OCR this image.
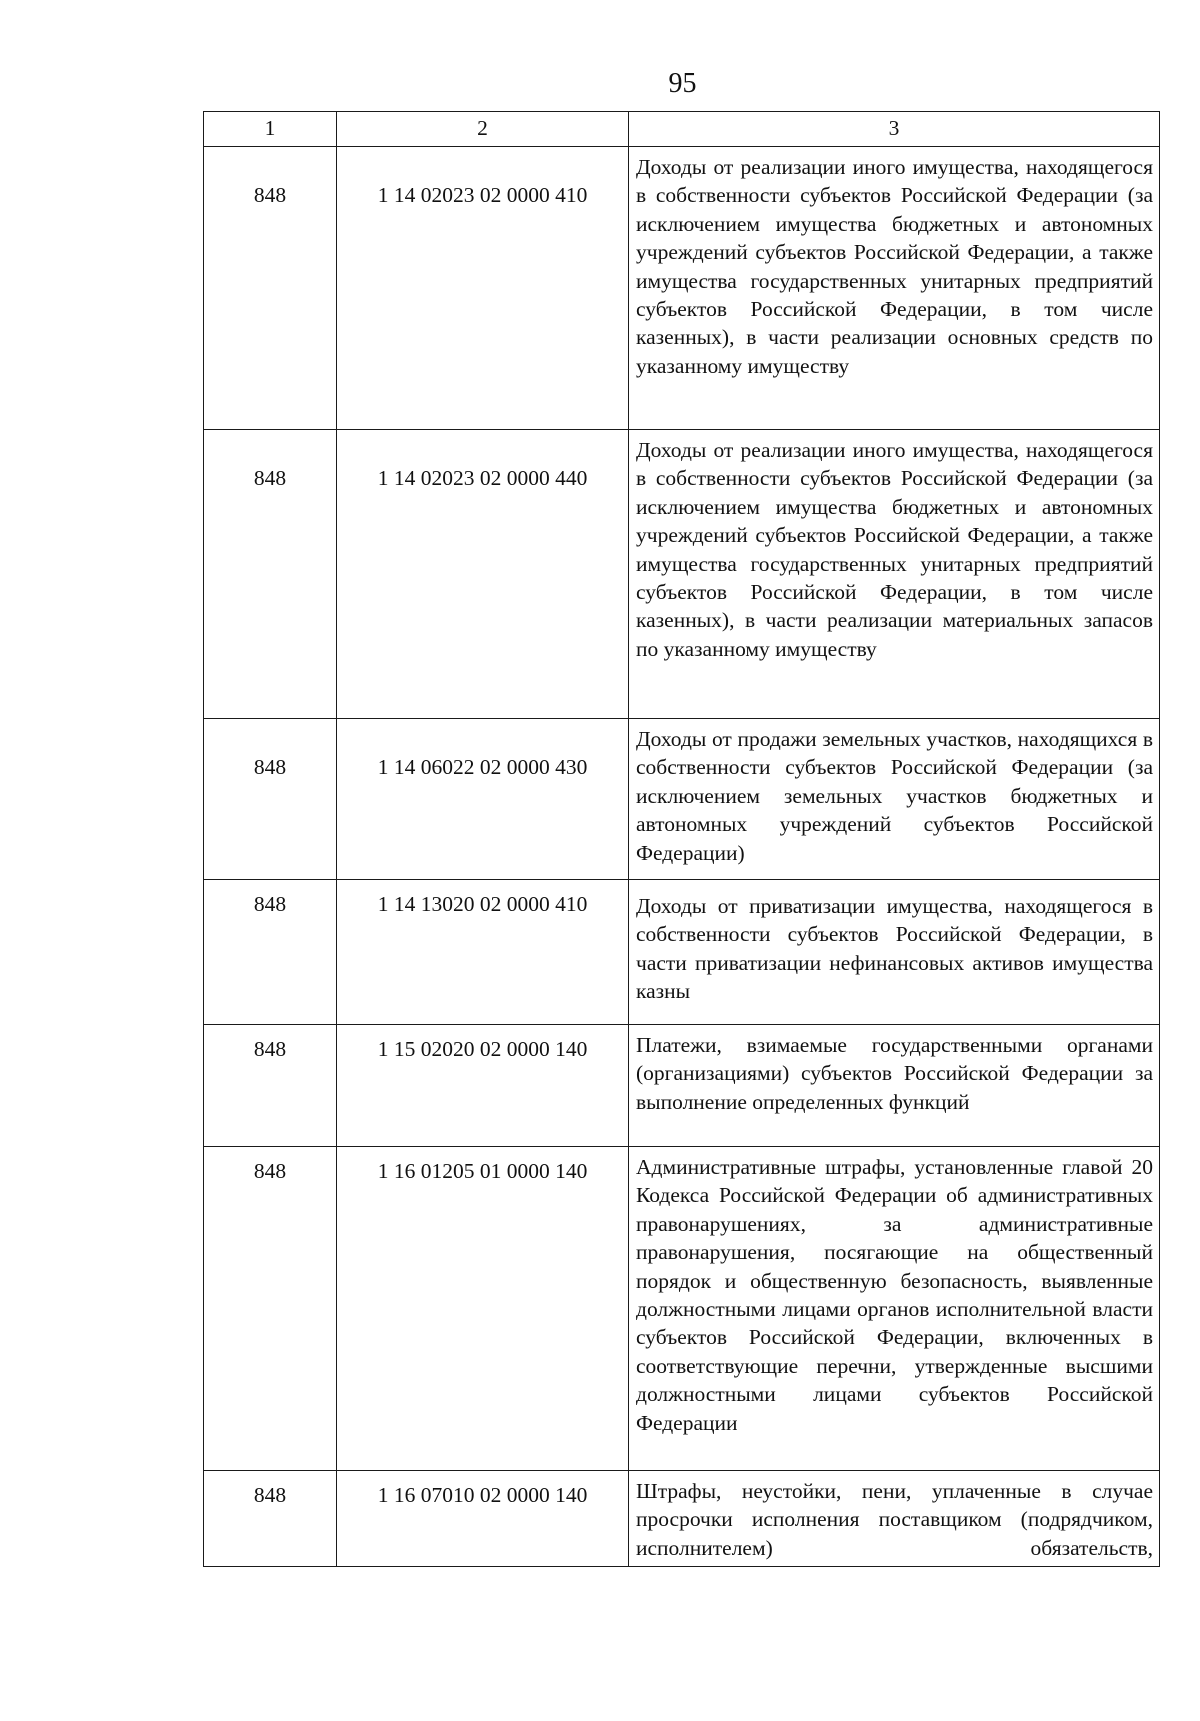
95
1	2	3

848	1 14 02023 02 0000 410	Доходы от реализации иного имущества, находящегося в собственности субъектов Российской Федерации (за исключением имущества бюджетных и автономных учреждений субъектов Российской Федерации, а также имущества государственных унитарных предприятий субъектов Российской Федерации, в том числе казенных), в части реализации основных средств по указанному имуществу

848	1 14 02023 02 0000 440	Доходы от реализации иного имущества, находящегося в собственности субъектов Российской Федерации (за исключением имущества бюджетных и автономных учреждений субъектов Российской Федерации, а также имущества государственных унитарных предприятий субъектов Российской Федерации, в том числе казенных), в части реализации материальных запасов по указанному имуществу

848	1 14 06022 02 0000 430	Доходы от продажи земельных участков, находящихся в собственности субъектов Российской Федерации (за исключением земельных участков бюджетных и автономных учреждений субъектов Российской Федерации)

848	1 14 13020 02 0000 410	Доходы от приватизации имущества, находящегося в собственности субъектов Российской Федерации, в части приватизации нефинансовых активов имущества казны

848	1 15 02020 02 0000 140	Платежи, взимаемые государственными органами (организациями) субъектов Российской Федерации за выполнение определенных функций

848	1 16 01205 01 0000 140	Административные штрафы, установленные главой 20 Кодекса Российской Федерации об административных правонарушениях, за административные правонарушения, посягающие на общественный порядок и общественную безопасность, выявленные должностными лицами органов исполнительной власти субъектов Российской Федерации, включенных в соответствующие перечни, утвержденные высшими должностными лицами субъектов Российской Федерации

848	1 16 07010 02 0000 140	Штрафы, неустойки, пени, уплаченные в случае просрочки исполнения поставщиком (подрядчиком, исполнителем) обязательств,
